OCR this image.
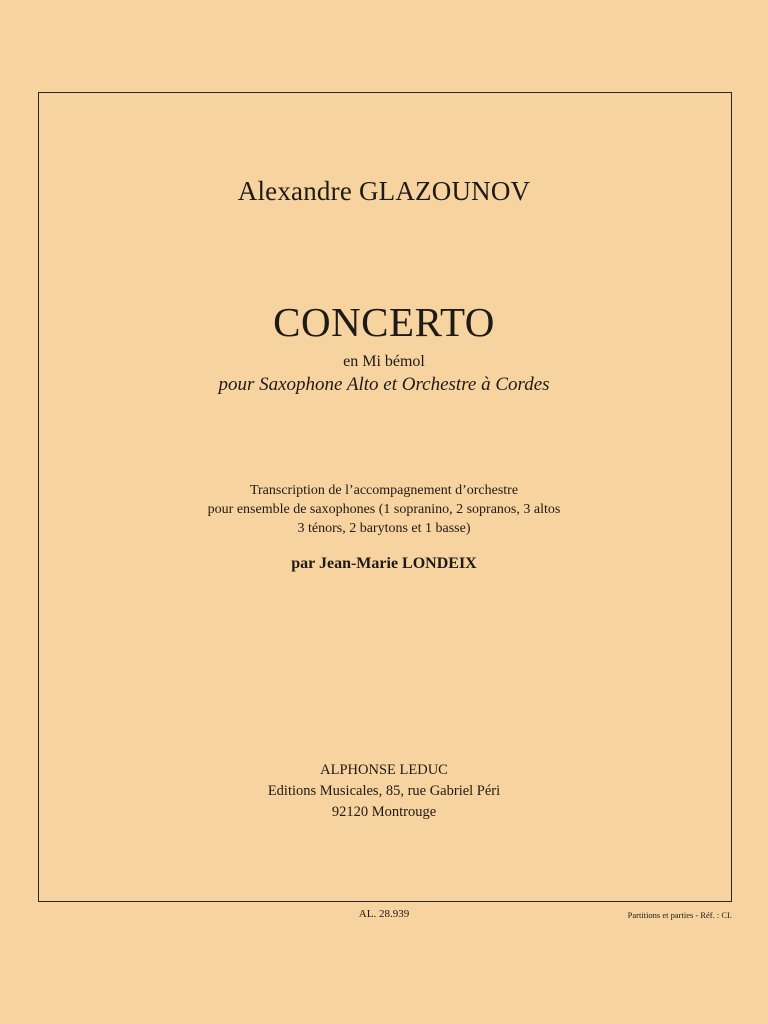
Alexandre GLAZOUNOV

CONCERTO

en Mi bémol

pour Saxophone Alto et Orchestre à Cordes

Transcription de l’accompagnement d’orchestre
pour ensemble de saxophones (1 sopranino, 2 sopranos, 3 altos
3 ténors, 2 barytons et 1 basse)

par Jean-Marie LONDEIX

ALPHONSE LEDUC
Editions Musicales, 85, rue Gabriel Péri
92120 Montrouge

AL. 28.939	Partitions et parties - Réf. : CI.
